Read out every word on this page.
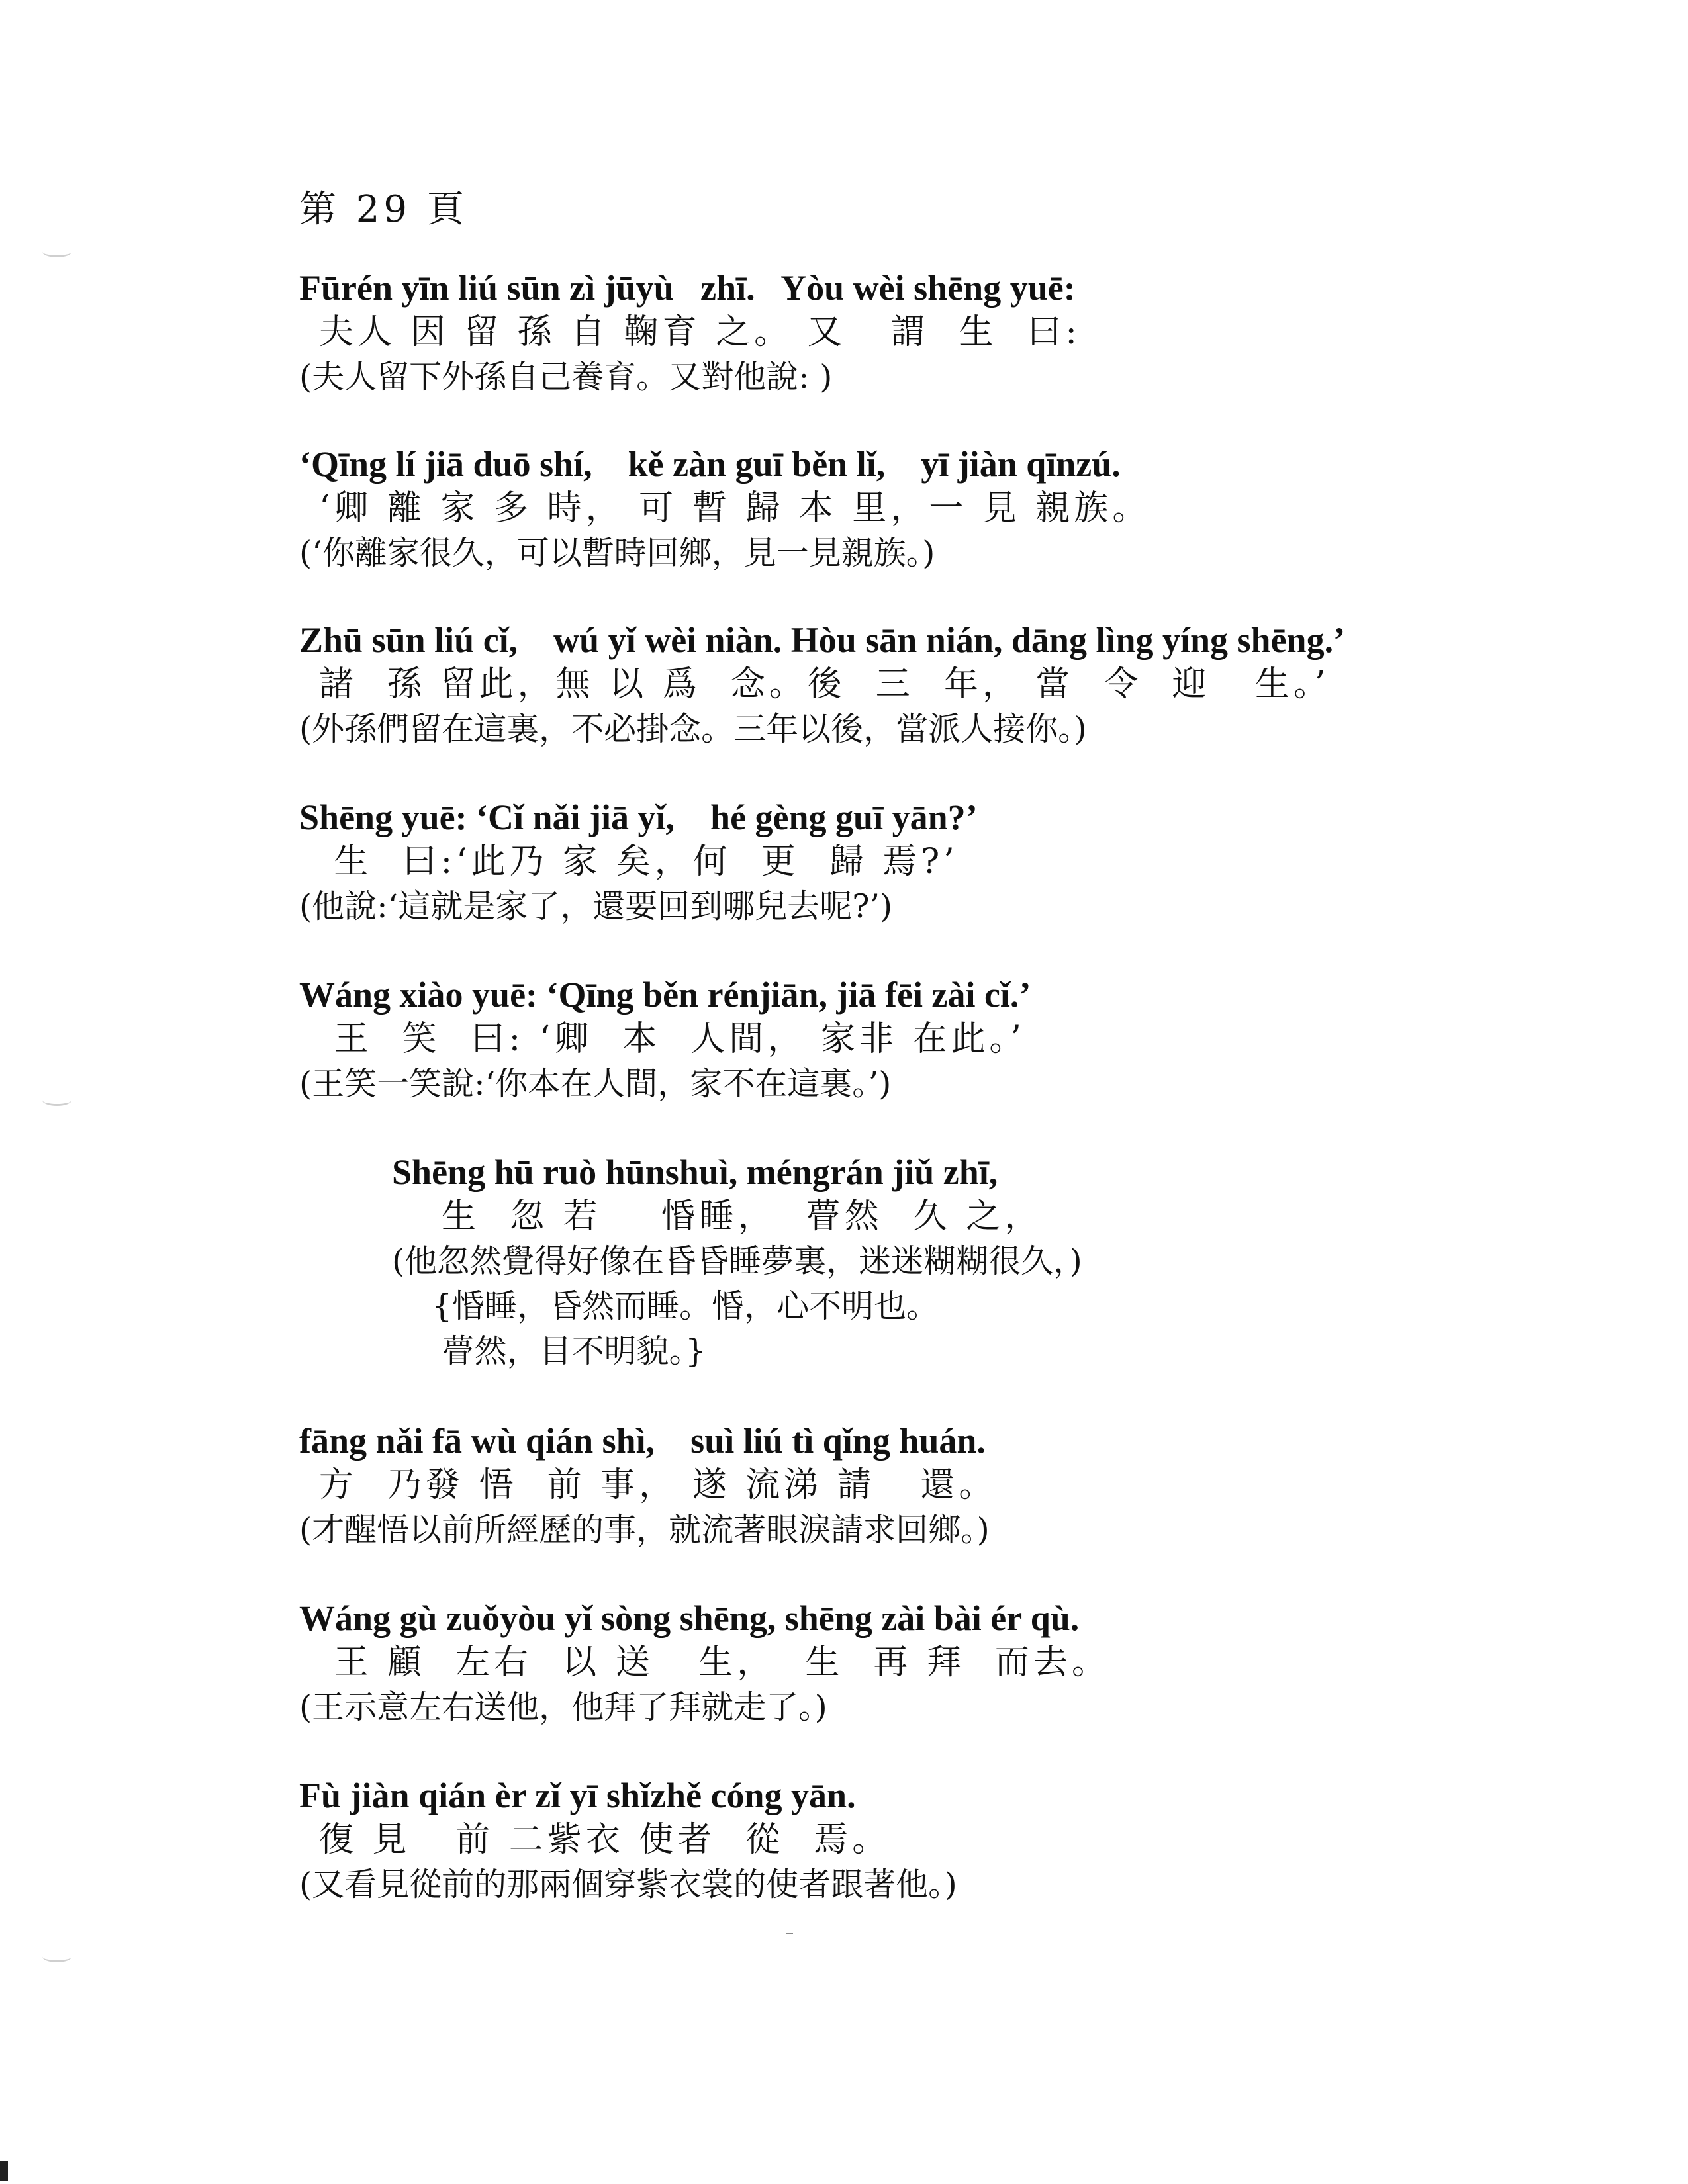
第 29 頁
Fūrén yīn liú sūn zì jūyù   zhī.   Yòu wèi shēng yuē:
夫人 因 留 孫 自 鞠育 之。 又   謂  生  曰:
(夫人留下外孫自己養育。又對他說: )
‘Qīng lí jiā duō shí,    kě zàn guī běn lǐ,    yī jiàn qīnzú.
‘卿 離 家 多 時， 可 暫 歸 本 里，一 見 親族。
(‘你離家很久，可以暫時回鄉，見一見親族。)
Zhū sūn liú cǐ,    wú yǐ wèi niàn. Hòu sān nián, dāng lìng yíng shēng.’
諸  孫 留此，無 以 爲  念。後  三  年， 當  令  迎   生。’
(外孫們留在這裏，不必掛念。三年以後，當派人接你。)
Shēng yuē: ‘Cǐ nǎi jiā yǐ,    hé gèng guī yān?’
生  曰:‘此乃 家 矣，何  更  歸 焉?’
(他說:‘這就是家了，還要回到哪兒去呢?’)
Wáng xiào yuē: ‘Qīng běn rénjiān, jiā fēi zài cǐ.’
王  笑  曰: ‘卿  本  人間， 家非 在此。’
(王笑一笑說:‘你本在人間，家不在這裏。’)
Shēng hū ruò hūnshuì, méngrán jiǔ zhī,
生  忽 若    惛睡，  瞢然  久 之，
(他忽然覺得好像在昏昏睡夢裏，迷迷糊糊很久，)
{惛睡，昏然而睡。惛，心不明也。
瞢然，目不明貌。}
fāng nǎi fā wù qián shì,    suì liú tì qǐng huán.
方  乃發 悟  前 事， 遂 流涕 請   還。
(才醒悟以前所經歷的事，就流著眼淚請求回鄉。)
Wáng gù zuǒyòu yǐ sòng shēng, shēng zài bài ér qù.
王 顧  左右  以 送   生，  生  再 拜  而去。
(王示意左右送他，他拜了拜就走了。)
Fù jiàn qián èr zǐ yī shǐzhě cóng yān.
復 見   前 二紫衣 使者  從  焉。
(又看見從前的那兩個穿紫衣裳的使者跟著他。)
